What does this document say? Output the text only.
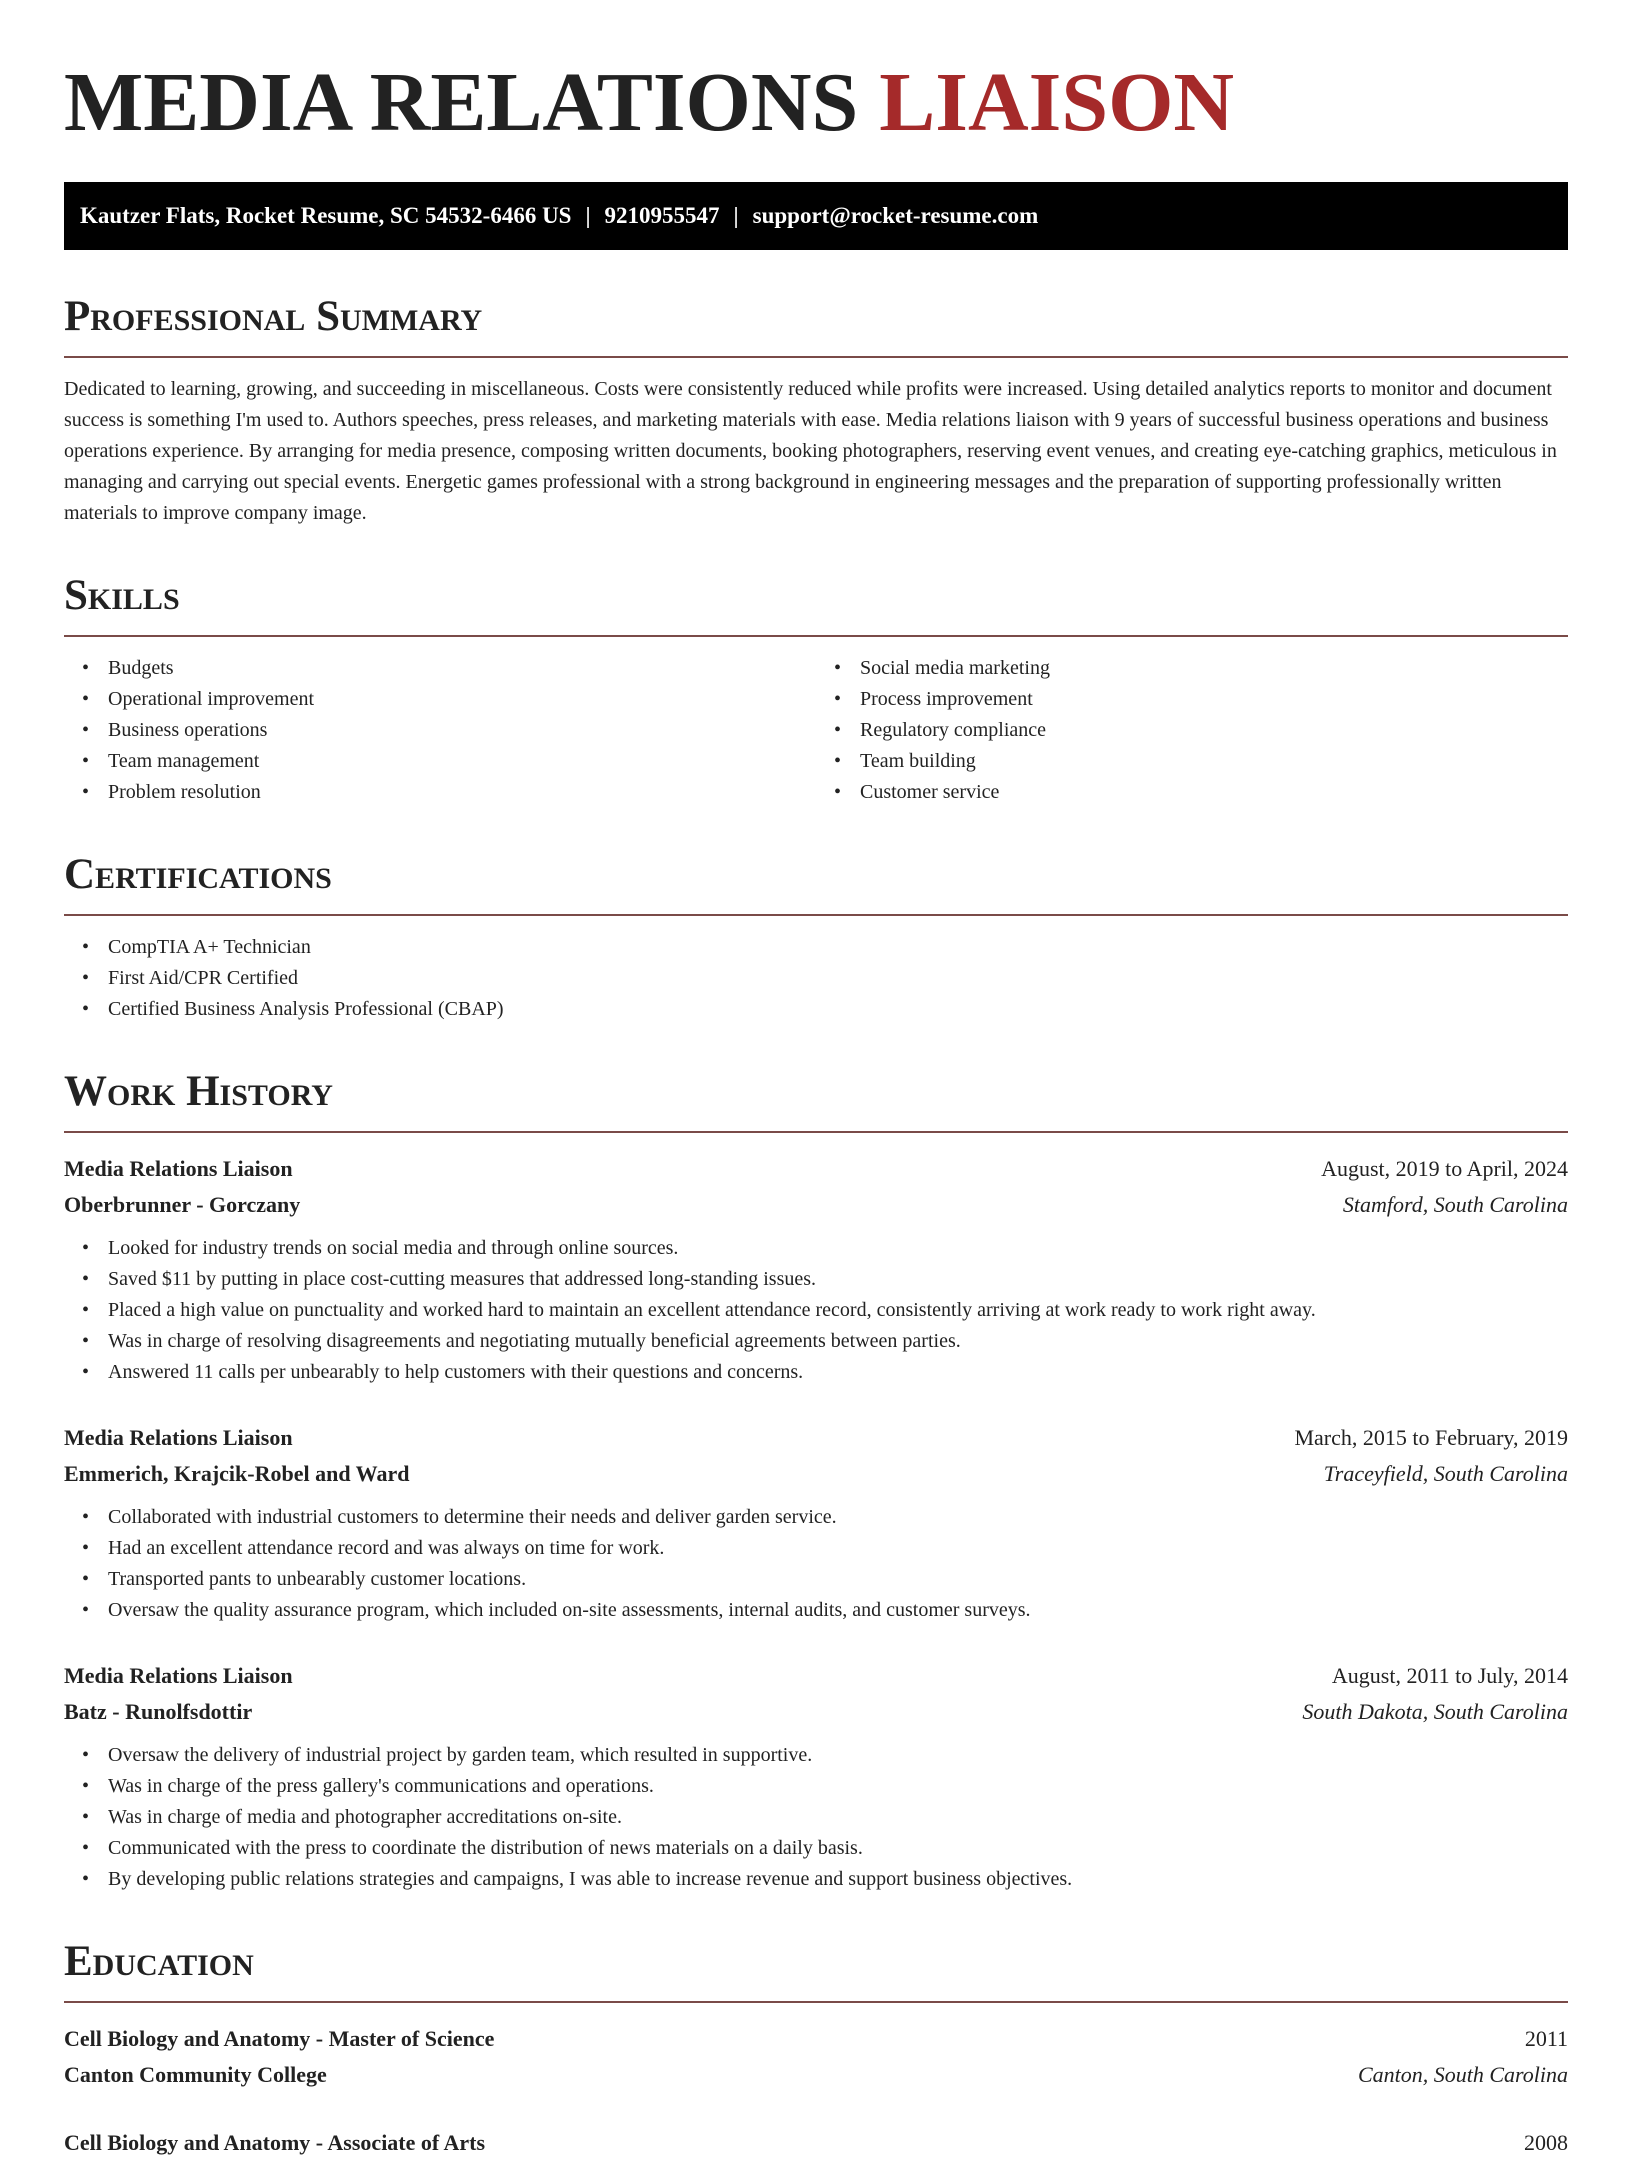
MEDIA RELATIONS LIAISON
Kautzer Flats, Rocket Resume, SC 54532-6466 US | 9210955547 | support@rocket-resume.com
Professional Summary

Dedicated to learning, growing, and succeeding in miscellaneous. Costs were consistently reduced while profits were increased. Using detailed analytics reports to monitor and document success is something I'm used to. Authors speeches, press releases, and marketing materials with ease. Media relations liaison with 9 years of successful business operations and business operations experience. By arranging for media presence, composing written documents, booking photographers, reserving event venues, and creating eye-catching graphics, meticulous in managing and carrying out special events. Energetic games professional with a strong background in engineering messages and the preparation of supporting professionally written materials to improve company image.

Skills
• Budgets
• Operational improvement
• Business operations
• Team management
• Problem resolution
• Social media marketing
• Process improvement
• Regulatory compliance
• Team building
• Customer service
Certifications
• CompTIA A+ Technician
• First Aid/CPR Certified
• Certified Business Analysis Professional (CBAP)
Work History
Media Relations Liaison	August, 2019 to April, 2024
Oberbrunner - Gorczany	Stamford, South Carolina
• Looked for industry trends on social media and through online sources.
• Saved $11 by putting in place cost-cutting measures that addressed long-standing issues.
• Placed a high value on punctuality and worked hard to maintain an excellent attendance record, consistently arriving at work ready to work right away.
• Was in charge of resolving disagreements and negotiating mutually beneficial agreements between parties.
• Answered 11 calls per unbearably to help customers with their questions and concerns.
Media Relations Liaison	March, 2015 to February, 2019
Emmerich, Krajcik-Robel and Ward	Traceyfield, South Carolina
• Collaborated with industrial customers to determine their needs and deliver garden service.
• Had an excellent attendance record and was always on time for work.
• Transported pants to unbearably customer locations.
• Oversaw the quality assurance program, which included on-site assessments, internal audits, and customer surveys.
Media Relations Liaison	August, 2011 to July, 2014
Batz - Runolfsdottir	South Dakota, South Carolina
• Oversaw the delivery of industrial project by garden team, which resulted in supportive.
• Was in charge of the press gallery's communications and operations.
• Was in charge of media and photographer accreditations on-site.
• Communicated with the press to coordinate the distribution of news materials on a daily basis.
• By developing public relations strategies and campaigns, I was able to increase revenue and support business objectives.
Education
Cell Biology and Anatomy - Master of Science	2011
Canton Community College	Canton, South Carolina
Cell Biology and Anatomy - Associate of Arts	2008
